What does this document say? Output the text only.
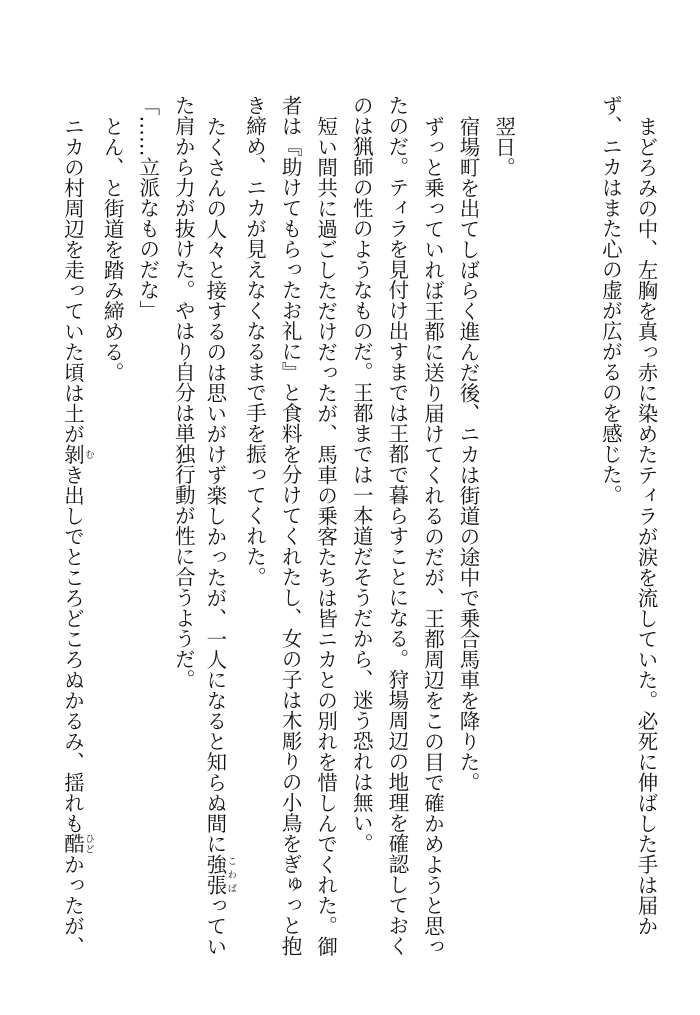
まどろみの中、左胸を真っ赤に染めたティラが涙を流していた。必死に伸ばした手は届か
ず、ニカはまた心の虚が広がるのを感じた。
翌日。
宿場町を出てしばらく進んだ後、ニカは街道の途中で乗合馬車を降りた。
ずっと乗っていれば王都に送り届けてくれるのだが、王都周辺をこの目で確かめようと思っ
たのだ。ティラを見付け出すまでは王都で暮らすことになる。狩場周辺の地理を確認しておく
のは猟師の性のようなものだ。王都までは一本道だそうだから、迷う恐れは無い。
短い間共に過ごしただけだったが、馬車の乗客たちは皆ニカとの別れを惜しんでくれた。御
者は『助けてもらったお礼に』と食料を分けてくれたし、女の子は木彫りの小鳥をぎゅっと抱
き締め、ニカが見えなくなるまで手を振ってくれた。
たくさんの人々と接するのは思いがけず楽しかったが、一人になると知らぬ間に強張こわばってい
た肩から力が抜けた。やはり自分は単独行動が性に合うようだ。
「……立派なものだな」
とん、と街道を踏み締める。
ニカの村周辺を走っていた頃は土が剝むき出しでところどころぬかるみ、揺れも酷ひどかったが、
